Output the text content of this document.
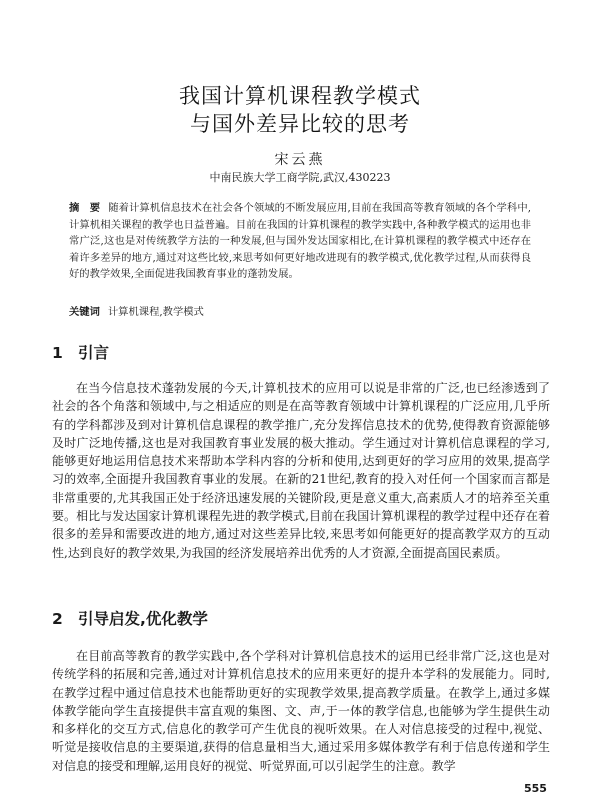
我国计算机课程教学模式
与国外差异比较的思考
宋云燕
中南民族大学工商学院,武汉,430223
摘　要 随着计算机信息技术在社会各个领域的不断发展应用,目前在我国高等教育领域的各个学科中,计算机相关课程的教学也日益普遍。目前在我国的计算机课程的教学实践中,各种教学模式的运用也非常广泛,这也是对传统教学方法的一种发展,但与国外发达国家相比,在计算机课程的教学模式中还存在着许多差异的地方,通过对这些比较,来思考如何更好地改进现有的教学模式,优化教学过程,从而获得良好的教学效果,全面促进我国教育事业的蓬勃发展。
关键词 计算机课程,教学模式
1 引言
在当今信息技术蓬勃发展的今天,计算机技术的应用可以说是非常的广泛,也已经渗透到了社会的各个角落和领域中,与之相适应的则是在高等教育领域中计算机课程的广泛应用,几乎所有的学科都涉及到对计算机信息课程的教学推广,充分发挥信息技术的优势,使得教育资源能够及时广泛地传播,这也是对我国教育事业发展的极大推动。学生通过对计算机信息课程的学习,能够更好地运用信息技术来帮助本学科内容的分析和使用,达到更好的学习应用的效果,提高学习的效率,全面提升我国教育事业的发展。在新的21世纪,教育的投入对任何一个国家而言都是非常重要的,尤其我国正处于经济迅速发展的关键阶段,更是意义重大,高素质人才的培养至关重要。相比与发达国家计算机课程先进的教学模式,目前在我国计算机课程的教学过程中还存在着很多的差异和需要改进的地方,通过对这些差异比较,来思考如何能更好的提高教学双方的互动性,达到良好的教学效果,为我国的经济发展培养出优秀的人才资源,全面提高国民素质。
2 引导启发,优化教学
在目前高等教育的教学实践中,各个学科对计算机信息技术的运用已经非常广泛,这也是对传统学科的拓展和完善,通过对计算机信息技术的应用来更好的提升本学科的发展能力。同时,在教学过程中通过信息技术也能帮助更好的实现教学效果,提高教学质量。在教学上,通过多媒体教学能向学生直接提供丰富直观的集图、文、声,于一体的教学信息,也能够为学生提供生动和多样化的交互方式,信息化的教学可产生优良的视听效果。在人对信息接受的过程中,视觉、听觉是接收信息的主要渠道,获得的信息量相当大,通过采用多媒体教学有利于信息传递和学生对信息的接受和理解,运用良好的视觉、听觉界面,可以引起学生的注意。教学
555
